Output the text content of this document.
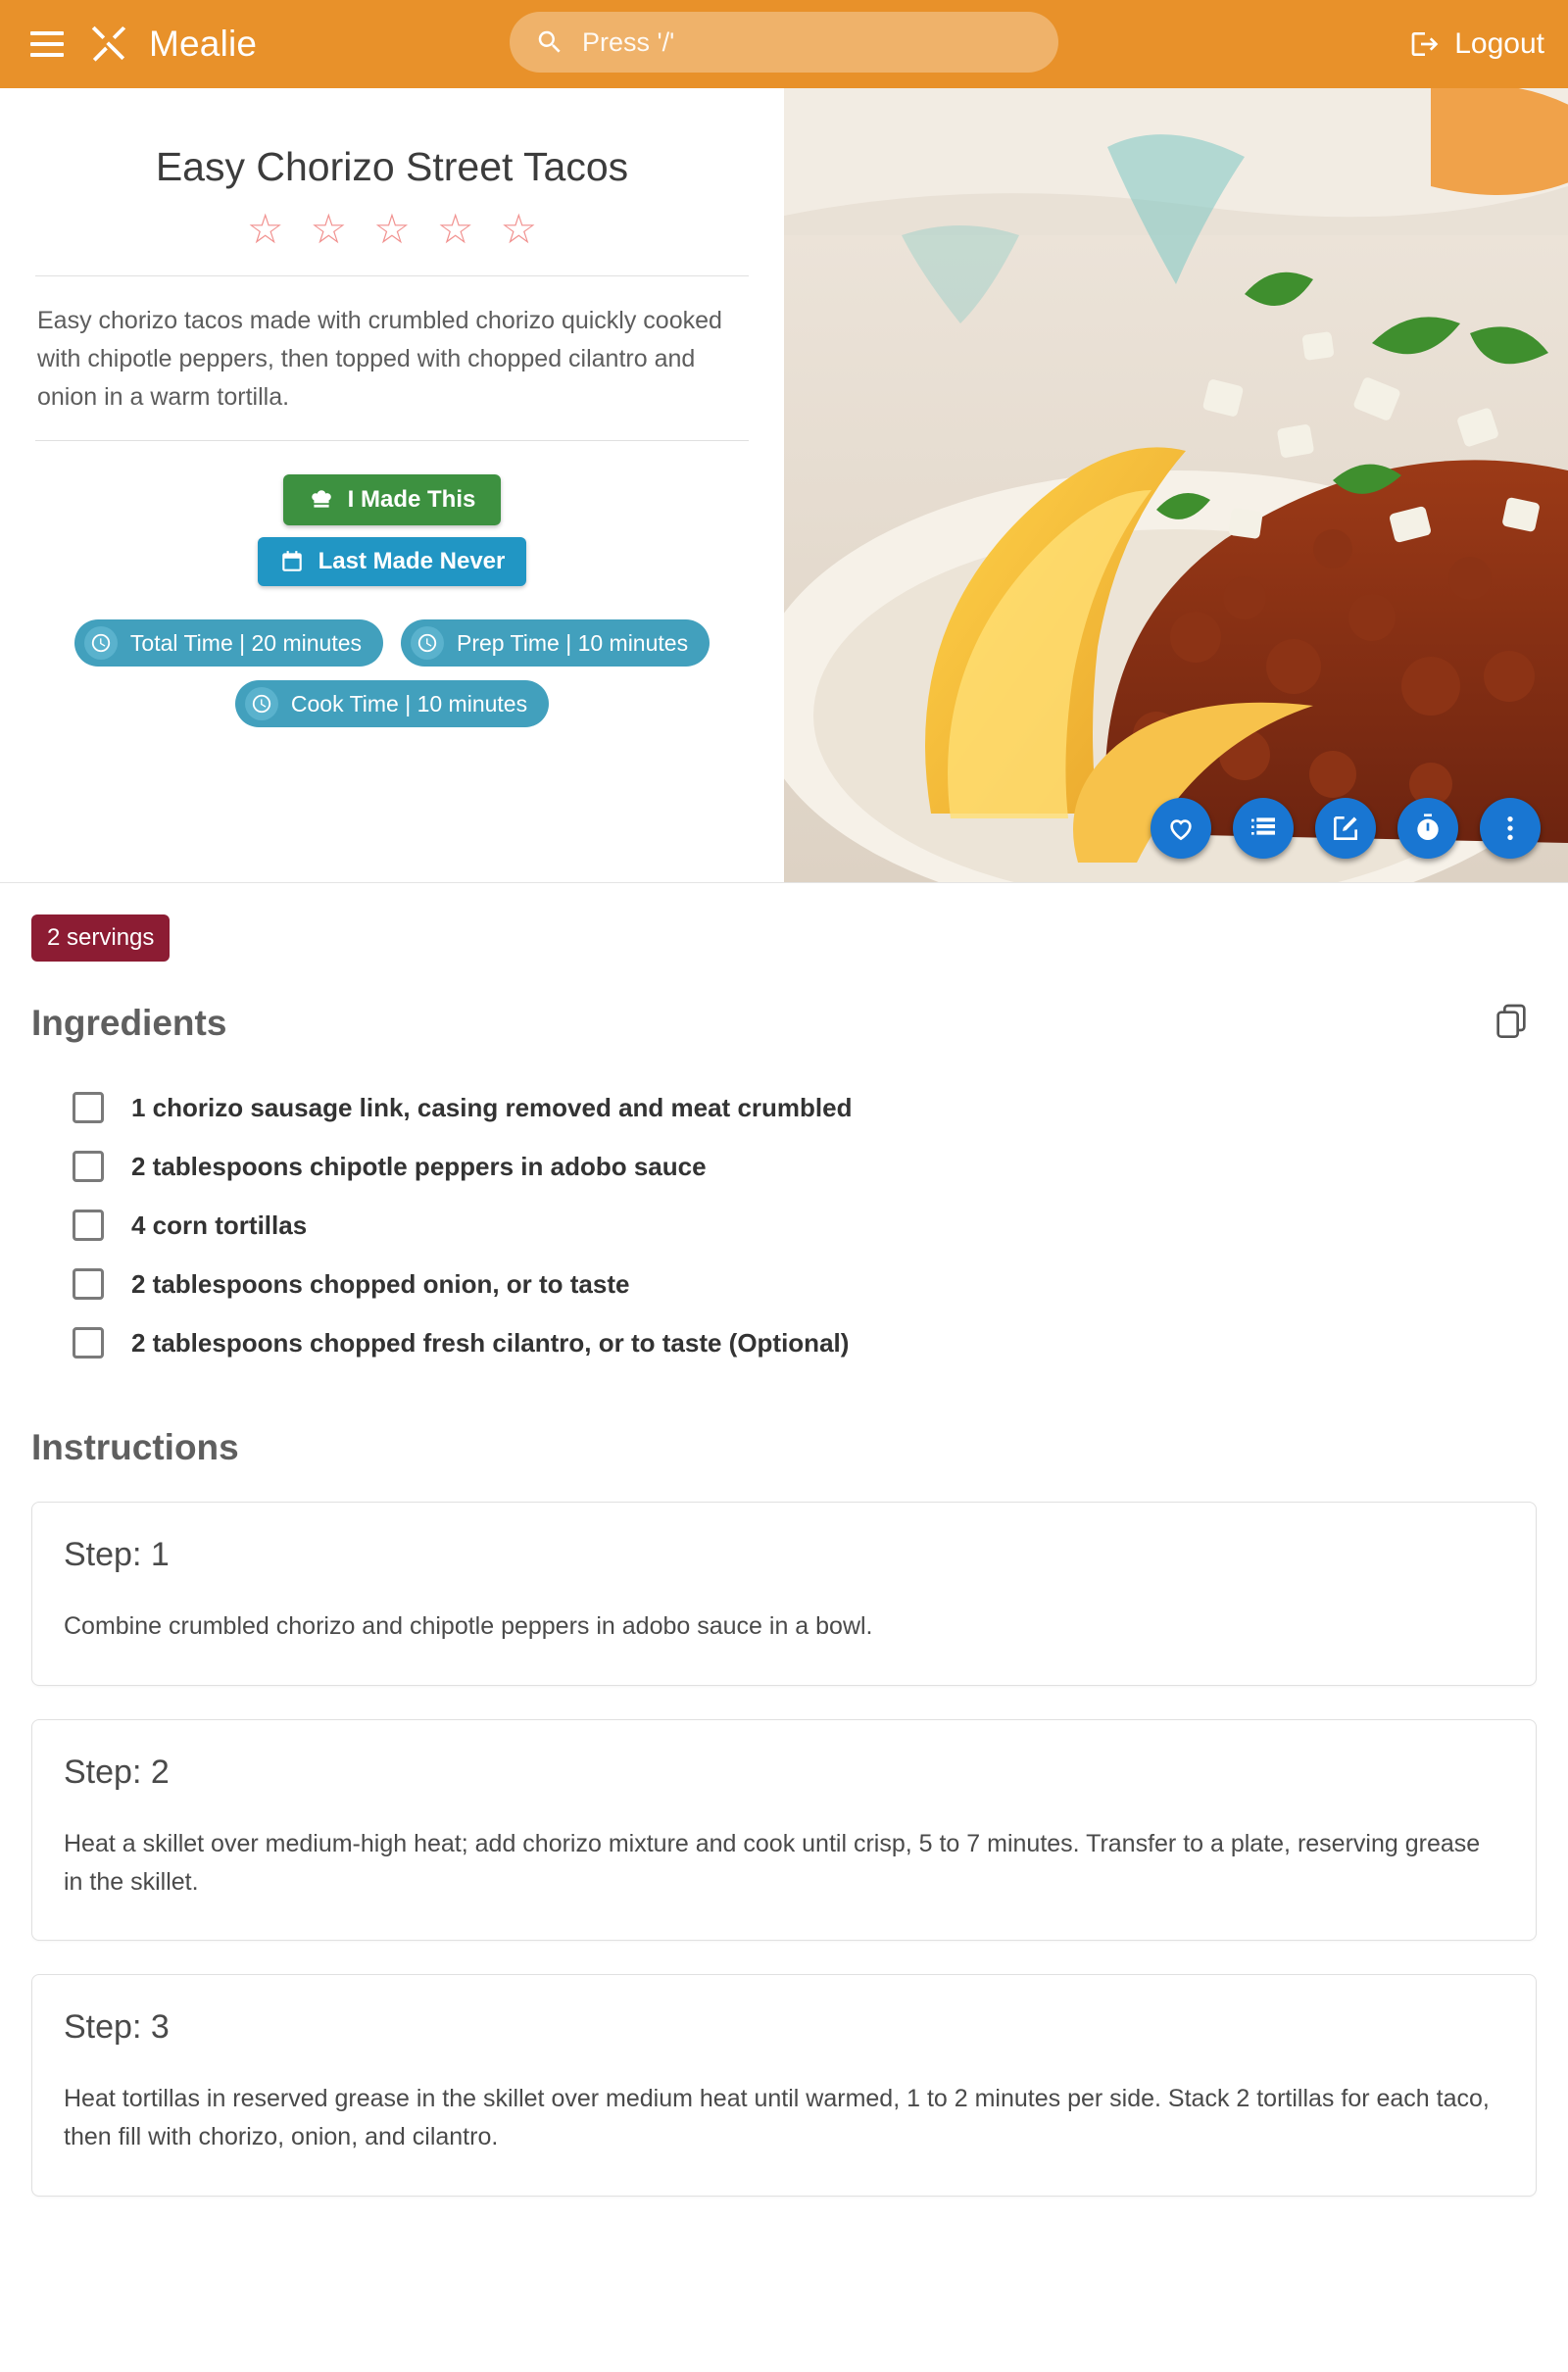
Mealie
Press '/'	Logout
Easy Chorizo Street Tacos
☆ ☆ ☆ ☆ ☆

Easy chorizo tacos made with crumbled chorizo quickly cooked with chipotle peppers, then topped with chopped cilantro and onion in a warm tortilla.

I Made This
Last Made Never
Total Time | 20 minutes	Prep Time | 10 minutes
Cook Time | 10 minutes
2 servings
Ingredients
1 chorizo sausage link, casing removed and meat crumbled
2 tablespoons chipotle peppers in adobo sauce
4 corn tortillas
2 tablespoons chopped onion, or to taste
2 tablespoons chopped fresh cilantro, or to taste (Optional)
Instructions
Step: 1

Combine crumbled chorizo and chipotle peppers in adobo sauce in a bowl.

Step: 2

Heat a skillet over medium-high heat; add chorizo mixture and cook until crisp, 5 to 7 minutes. Transfer to a plate, reserving grease in the skillet.

Step: 3

Heat tortillas in reserved grease in the skillet over medium heat until warmed, 1 to 2 minutes per side. Stack 2 tortillas for each taco, then fill with chorizo, onion, and cilantro.
